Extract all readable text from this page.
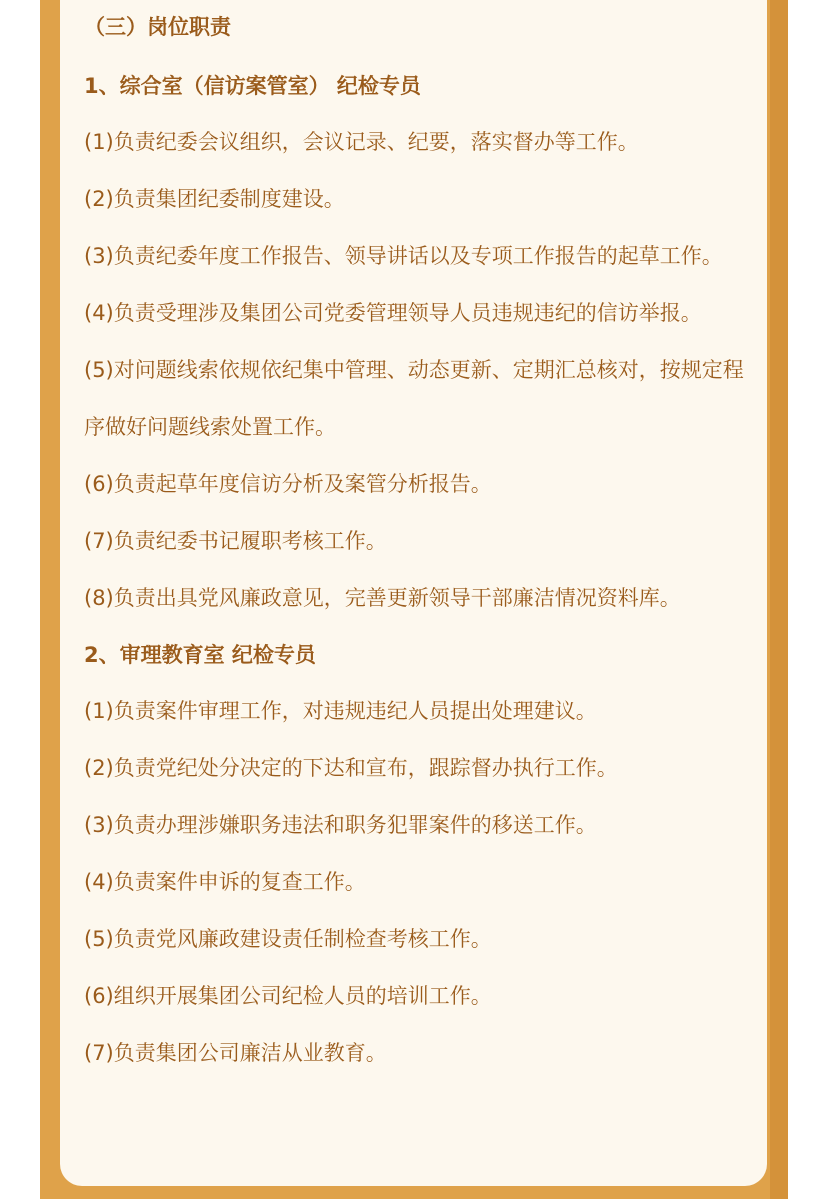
（三）岗位职责
1、综合室（信访案管室） 纪检专员
(1)负责纪委会议组织，会议记录、纪要，落实督办等工作。
(2)负责集团纪委制度建设。
(3)负责纪委年度工作报告、领导讲话以及专项工作报告的起草工作。
(4)负责受理涉及集团公司党委管理领导人员违规违纪的信访举报。
(5)对问题线索依规依纪集中管理、动态更新、定期汇总核对，按规定程序做好问题线索处置工作。
(6)负责起草年度信访分析及案管分析报告。
(7)负责纪委书记履职考核工作。
(8)负责出具党风廉政意见，完善更新领导干部廉洁情况资料库。
2、审理教育室 纪检专员
(1)负责案件审理工作，对违规违纪人员提出处理建议。
(2)负责党纪处分决定的下达和宣布，跟踪督办执行工作。
(3)负责办理涉嫌职务违法和职务犯罪案件的移送工作。
(4)负责案件申诉的复查工作。
(5)负责党风廉政建设责任制检查考核工作。
(6)组织开展集团公司纪检人员的培训工作。
(7)负责集团公司廉洁从业教育。
